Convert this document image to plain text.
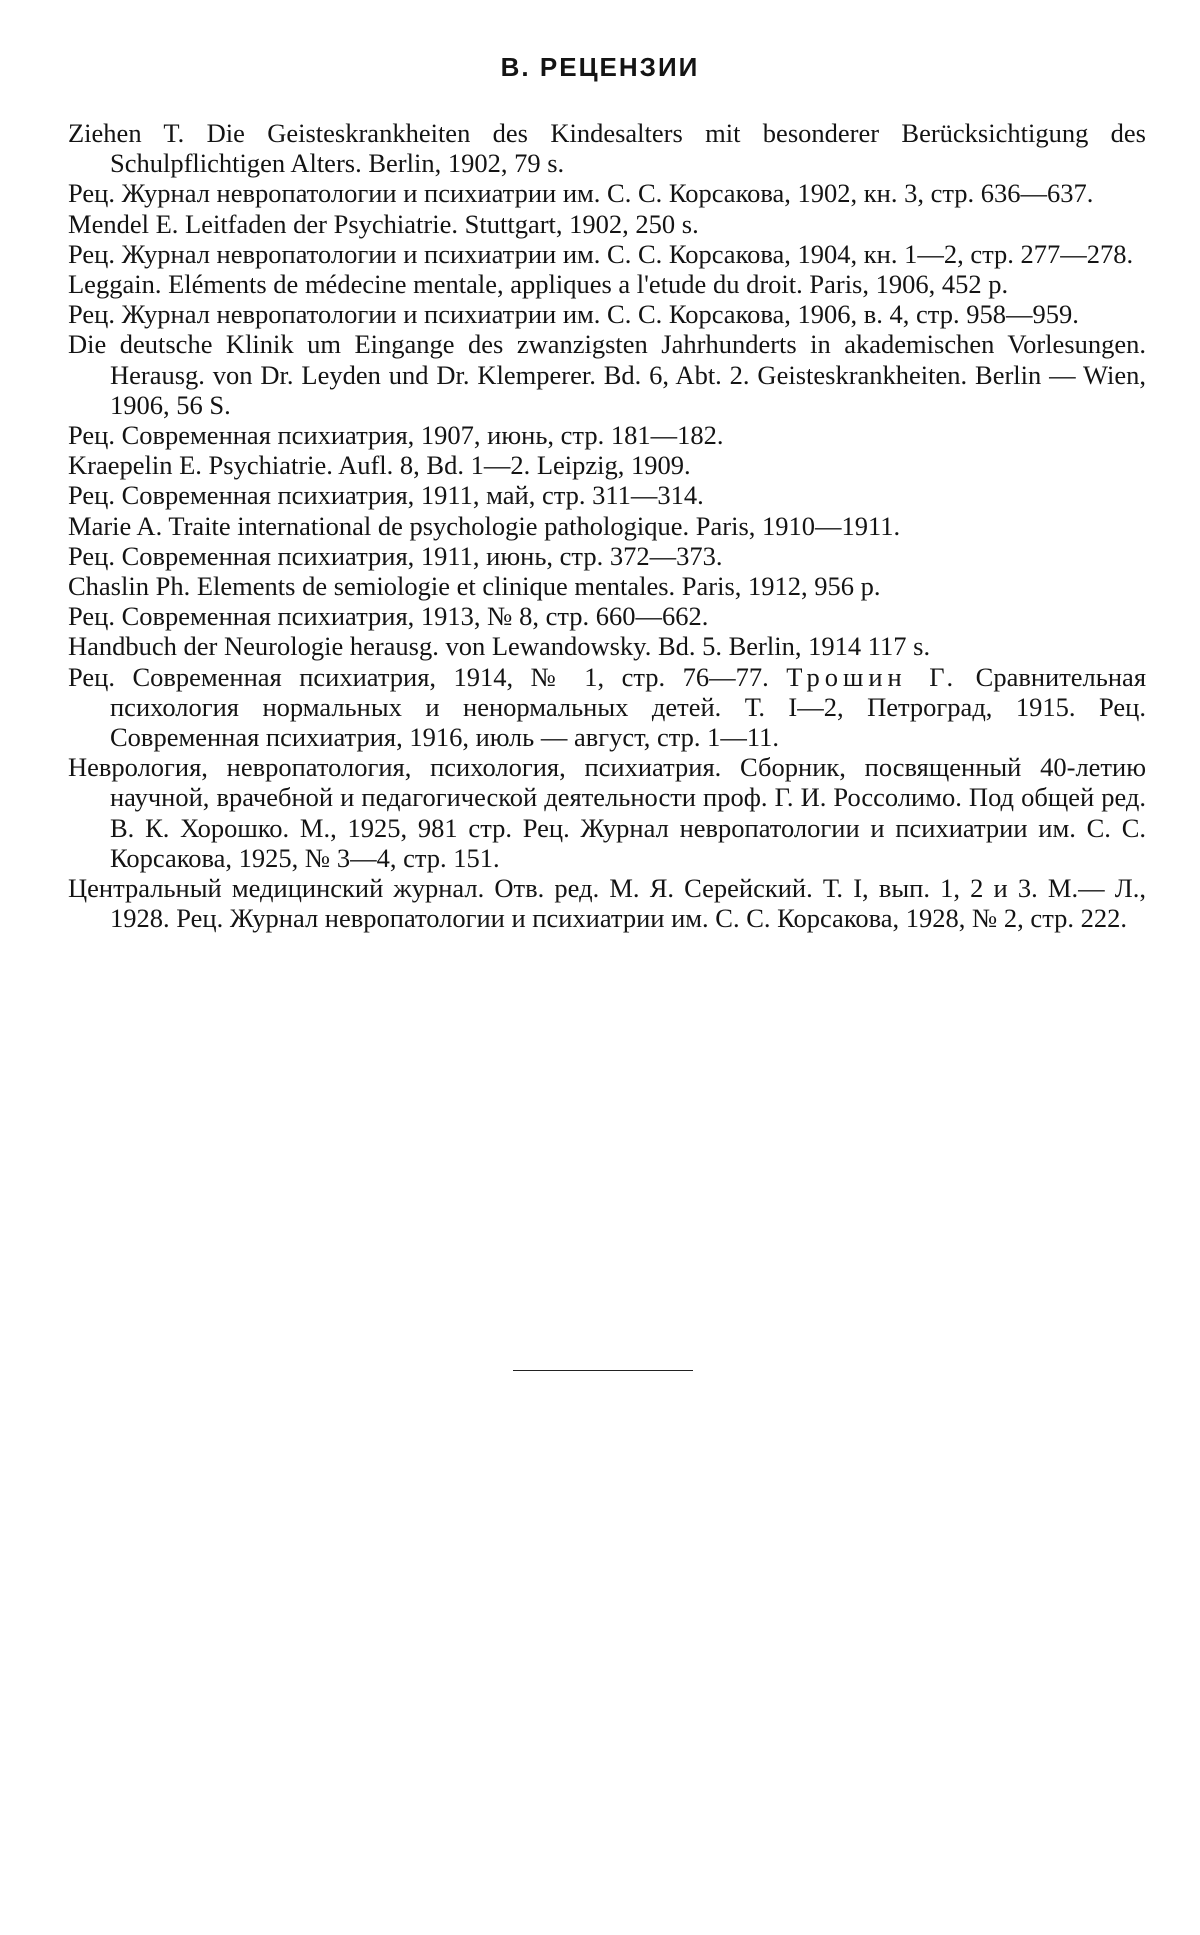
В. РЕЦЕНЗИИ
Ziehen T. Die Geisteskrankheiten des Kindesalters mit besonderer Berücksichtigung des Schulpflichtigen Alters. Berlin, 1902, 79 s.
Рец. Журнал невропатологии и психиатрии им. С. С. Корсакова, 1902, кн. 3, стр. 636—637.
Mendel E. Leitfaden der Psychiatrie. Stuttgart, 1902, 250 s.
Рец. Журнал невропатологии и психиатрии им. С. С. Корсакова, 1904, кн. 1—2, стр. 277—278.
Leggain. Eléments de médecine mentale, appliques a l'etude du droit. Paris, 1906, 452 p.
Рец. Журнал невропатологии и психиатрии им. С. С. Корсакова, 1906, в. 4, стр. 958—959.
Die deutsche Klinik um Eingange des zwanzigsten Jahrhunderts in akademischen Vorlesungen. Herausg. von Dr. Leyden und Dr. Klemperer. Bd. 6, Abt. 2. Geisteskrankheiten. Berlin — Wien, 1906, 56 S.
Рец. Современная психиатрия, 1907, июнь, стр. 181—182.
Kraepelin E. Psychiatrie. Aufl. 8, Bd. 1—2. Leipzig, 1909.
Рец. Современная психиатрия, 1911, май, стр. 311—314.
Marie A. Traite international de psychologie pathologique. Paris, 1910—1911.
Рец. Современная психиатрия, 1911, июнь, стр. 372—373.
Chaslin Ph. Elements de semiologie et clinique mentales. Paris, 1912, 956 p.
Рец. Современная психиатрия, 1913, № 8, стр. 660—662.
Handbuch der Neurologie herausg. von Lewandowsky. Bd. 5. Berlin, 1914 117 s.
Рец. Современная психиатрия, 1914, № 1, стр. 76—77. Трошин Г. Сравнительная психология нормальных и ненормальных детей. Т. I—2, Петроград, 1915. Рец. Современная психиатрия, 1916, июль — август, стр. 1—11.
Неврология, невропатология, психология, психиатрия. Сборник, посвященный 40-летию научной, врачебной и педагогической деятельности проф. Г. И. Россолимо. Под общей ред. В. К. Хорошко. М., 1925, 981 стр. Рец. Журнал невропатологии и психиатрии им. С. С. Корсакова, 1925, № 3—4, стр. 151.
Центральный медицинский журнал. Отв. ред. М. Я. Серейский. Т. I, вып. 1, 2 и 3. М.— Л., 1928. Рец. Журнал невропатологии и психиатрии им. С. С. Корсакова, 1928, № 2, стр. 222.
